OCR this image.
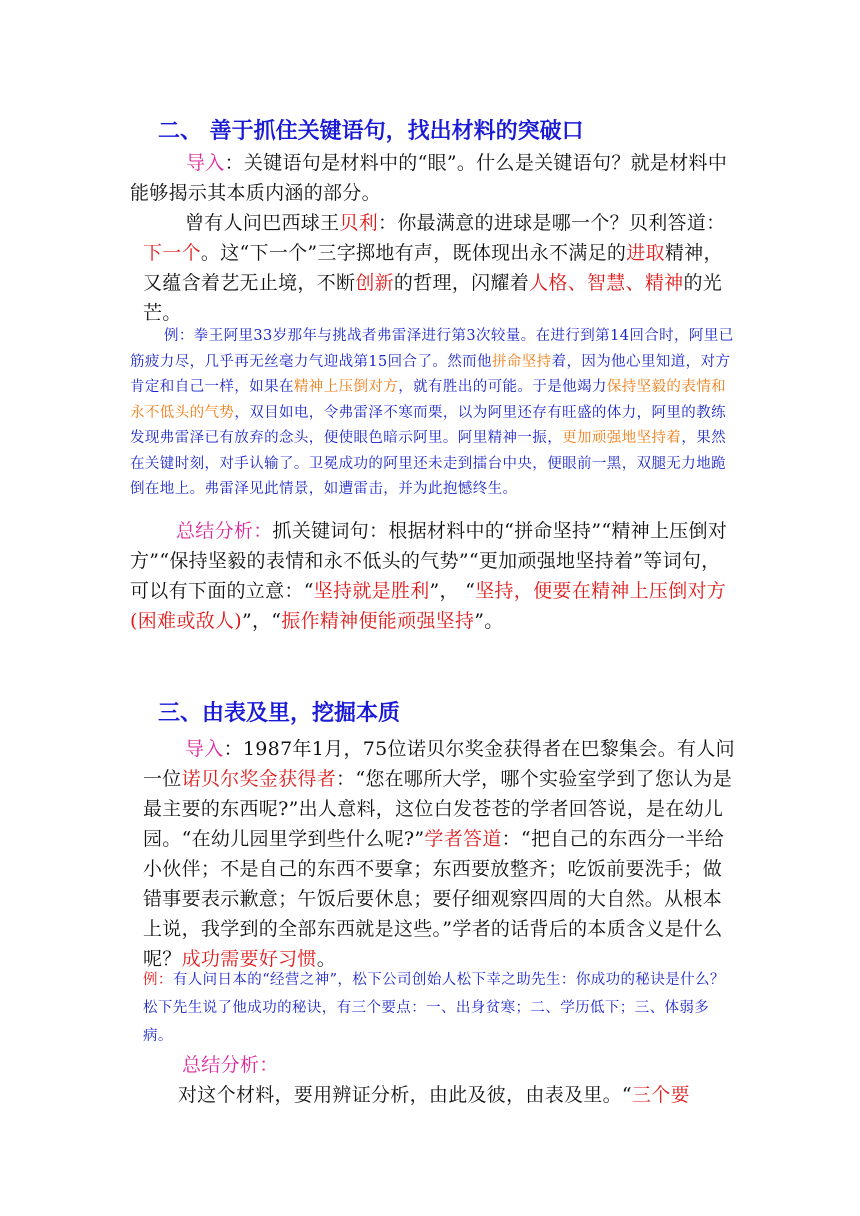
二、 善于抓住关键语句，找出材料的突破口

导入：关键语句是材料中的“眼”。什么是关键语句？就是材料中能够揭示其本质内涵的部分。

曾有人问巴西球王贝利：你最满意的进球是哪一个？贝利答道：下一个。这“下一个”三字掷地有声，既体现出永不满足的进取精神，又蕴含着艺无止境，不断创新的哲理，闪耀着人格、智慧、精神的光芒。

例：拳王阿里33岁那年与挑战者弗雷泽进行第3次较量。在进行到第14回合时，阿里已筋疲力尽，几乎再无丝毫力气迎战第15回合了。然而他拼命坚持着，因为他心里知道，对方肯定和自己一样，如果在精神上压倒对方，就有胜出的可能。于是他竭力保持坚毅的表情和永不低头的气势，双目如电，令弗雷泽不寒而栗，以为阿里还存有旺盛的体力，阿里的教练发现弗雷泽已有放弃的念头，便使眼色暗示阿里。阿里精神一振，更加顽强地坚持着，果然在关键时刻，对手认输了。卫冕成功的阿里还未走到擂台中央，便眼前一黑，双腿无力地跪倒在地上。弗雷泽见此情景，如遭雷击，并为此抱憾终生。

总结分析：抓关键词句：根据材料中的“拼命坚持”“精神上压倒对方”“保持坚毅的表情和永不低头的气势”“更加顽强地坚持着”等词句，可以有下面的立意：“坚持就是胜利”， “坚持，便要在精神上压倒对方(困难或敌人)”，“振作精神便能顽强坚持”。

三、由表及里，挖掘本质

导入：1987年1月，75位诺贝尔奖金获得者在巴黎集会。有人问一位诺贝尔奖金获得者：“您在哪所大学，哪个实验室学到了您认为是最主要的东西呢?”出人意料，这位白发苍苍的学者回答说，是在幼儿园。“在幼儿园里学到些什么呢?”学者答道：“把自己的东西分一半给小伙伴；不是自己的东西不要拿；东西要放整齐；吃饭前要洗手；做错事要表示歉意；午饭后要休息；要仔细观察四周的大自然。从根本上说，我学到的全部东西就是这些。”学者的话背后的本质含义是什么呢？成功需要好习惯。

例：有人问日本的“经营之神”，松下公司创始人松下幸之助先生：你成功的秘诀是什么？松下先生说了他成功的秘诀，有三个要点：一、出身贫寒；二、学历低下；三、体弱多病。

总结分析：

对这个材料，要用辨证分析，由此及彼，由表及里。“三个要
